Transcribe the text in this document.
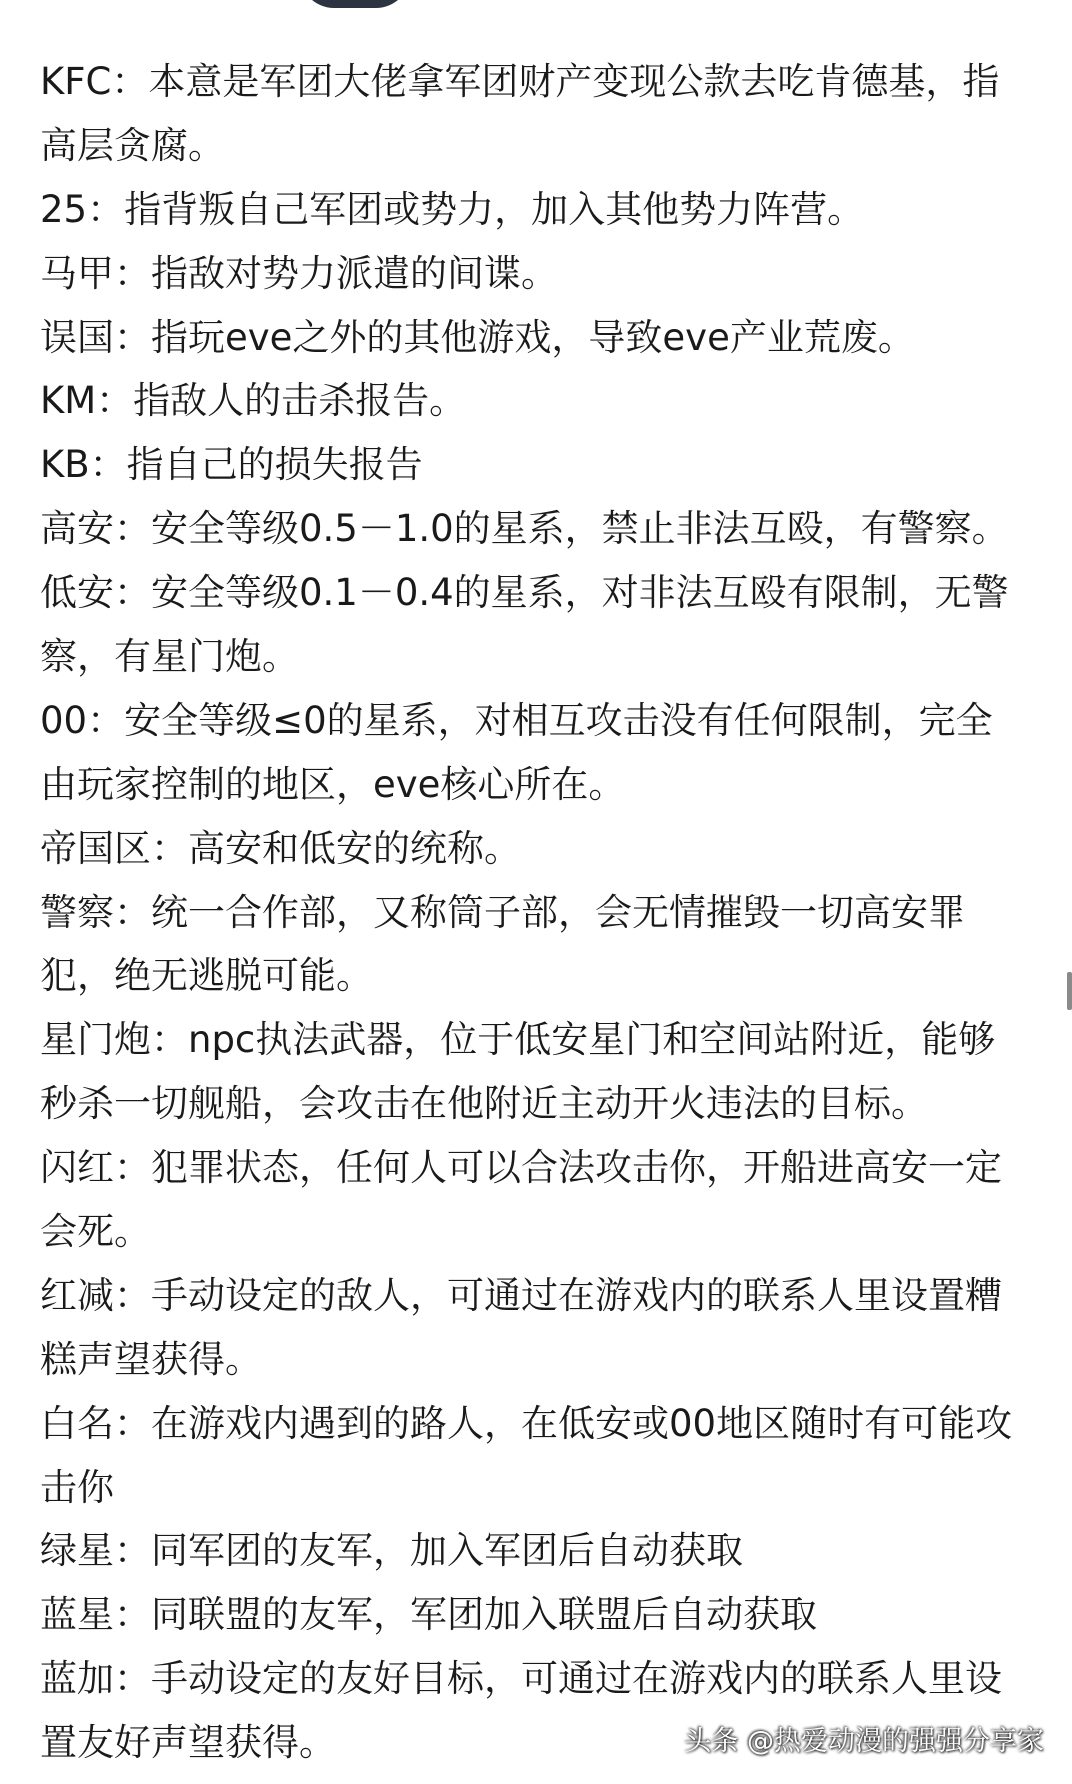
KFC：本意是军团大佬拿军团财产变现公款去吃肯德基，指
高层贪腐。
25：指背叛自己军团或势力，加入其他势力阵营。
马甲：指敌对势力派遣的间谍。
误国：指玩eve之外的其他游戏，导致eve产业荒废。
KM：指敌人的击杀报告。
KB：指自己的损失报告
高安：安全等级0.5－1.0的星系，禁止非法互殴，有警察。
低安：安全等级0.1－0.4的星系，对非法互殴有限制，无警
察，有星门炮。
00：安全等级≤0的星系，对相互攻击没有任何限制，完全
由玩家控制的地区，eve核心所在。
帝国区：高安和低安的统称。
警察：统一合作部，又称筒子部，会无情摧毁一切高安罪
犯，绝无逃脱可能。
星门炮：npc执法武器，位于低安星门和空间站附近，能够
秒杀一切舰船，会攻击在他附近主动开火违法的目标。
闪红：犯罪状态，任何人可以合法攻击你，开船进高安一定
会死。
红减：手动设定的敌人，可通过在游戏内的联系人里设置糟
糕声望获得。
白名：在游戏内遇到的路人，在低安或00地区随时有可能攻
击你
绿星：同军团的友军，加入军团后自动获取
蓝星：同联盟的友军，军团加入联盟后自动获取
蓝加：手动设定的友好目标，可通过在游戏内的联系人里设
置友好声望获得。	头条 @热爱动漫的强强分享家
